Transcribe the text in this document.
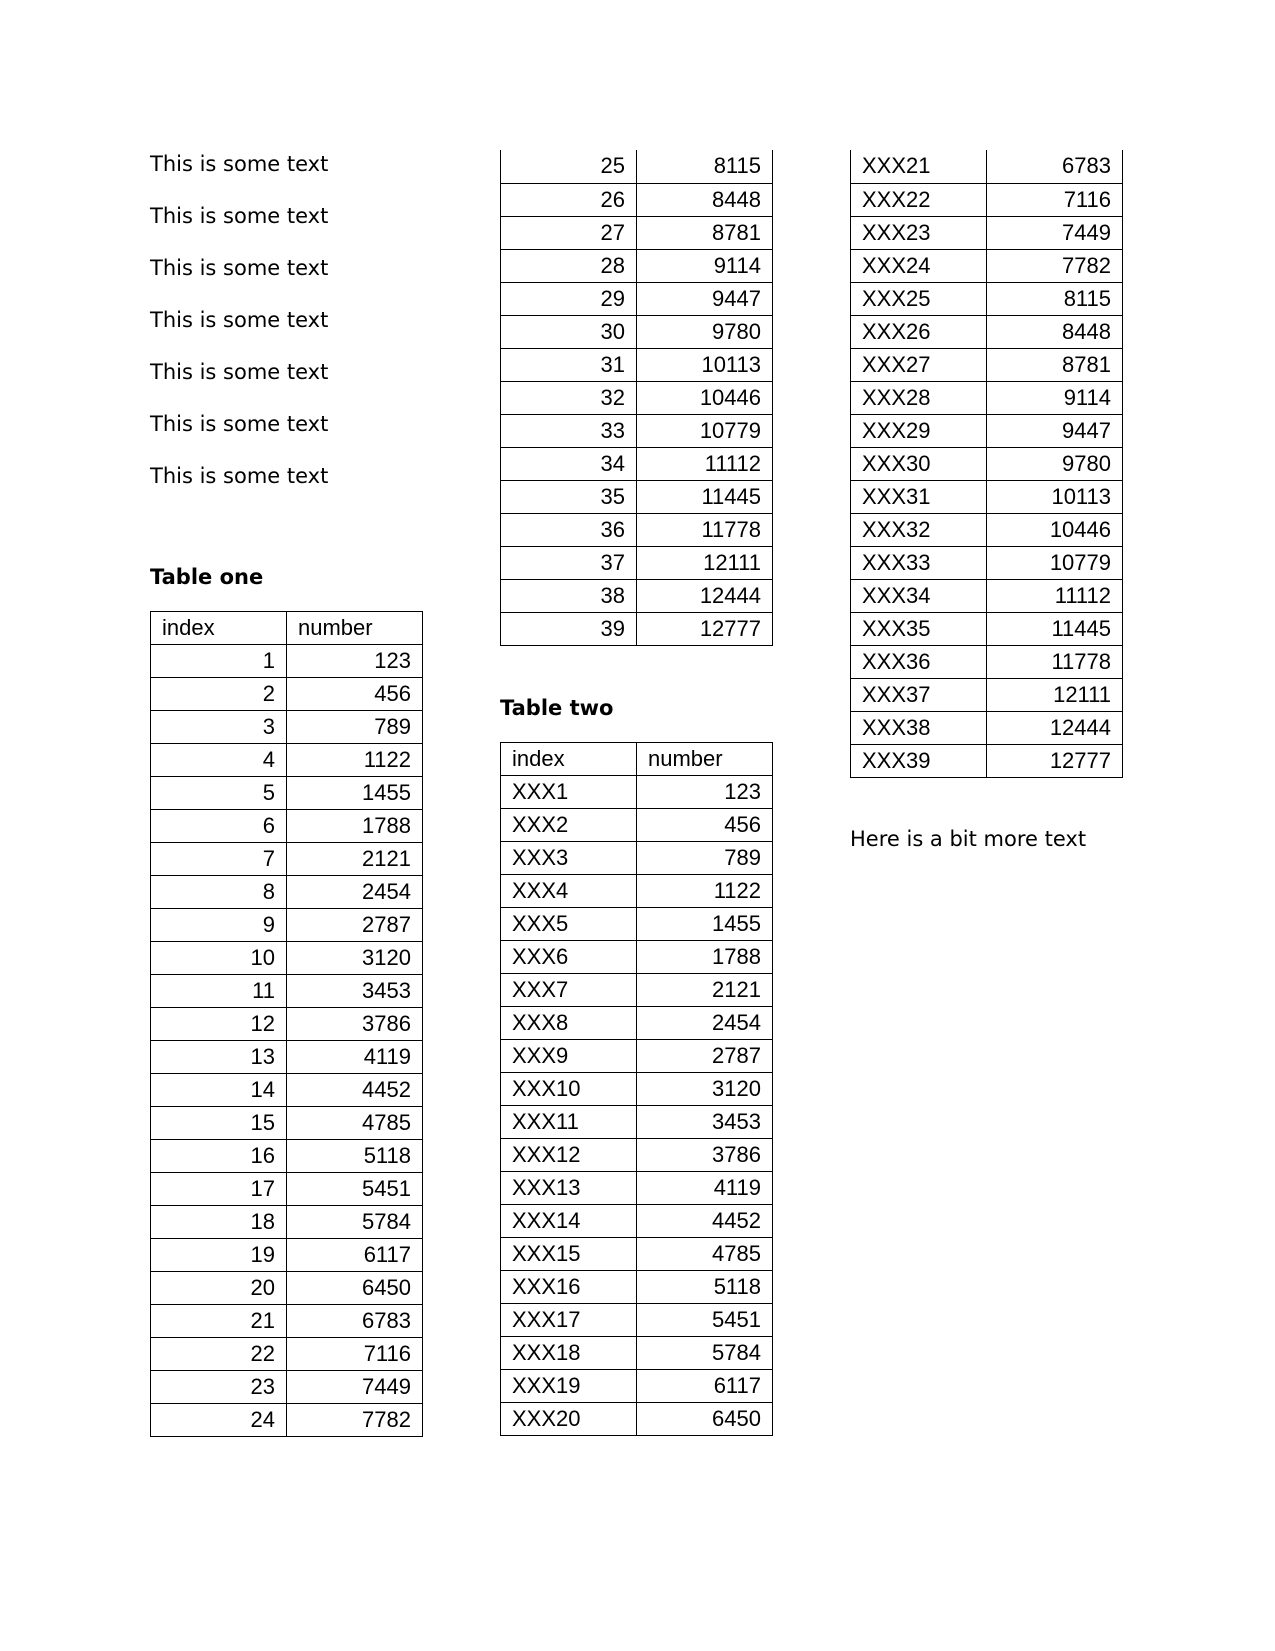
This is some text

This is some text

This is some text

This is some text

This is some text

This is some text

This is some text

Table one
index	number
1	123
2	456
3	789
4	1122
5	1455
6	1788
7	2121
8	2454
9	2787
10	3120
11	3453
12	3786
13	4119
14	4452
15	4785
16	5118
17	5451
18	5784
19	6117
20	6450
21	6783
22	7116
23	7449
24	7782
25	8115
26	8448
27	8781
28	9114
29	9447
30	9780
31	10113
32	10446
33	10779
34	11112
35	11445
36	11778
37	12111
38	12444
39	12777
Table two
index	number
XXX1	123
XXX2	456
XXX3	789
XXX4	1122
XXX5	1455
XXX6	1788
XXX7	2121
XXX8	2454
XXX9	2787
XXX10	3120
XXX11	3453
XXX12	3786
XXX13	4119
XXX14	4452
XXX15	4785
XXX16	5118
XXX17	5451
XXX18	5784
XXX19	6117
XXX20	6450
XXX21	6783
XXX22	7116
XXX23	7449
XXX24	7782
XXX25	8115
XXX26	8448
XXX27	8781
XXX28	9114
XXX29	9447
XXX30	9780
XXX31	10113
XXX32	10446
XXX33	10779
XXX34	11112
XXX35	11445
XXX36	11778
XXX37	12111
XXX38	12444
XXX39	12777

Here is a bit more text
